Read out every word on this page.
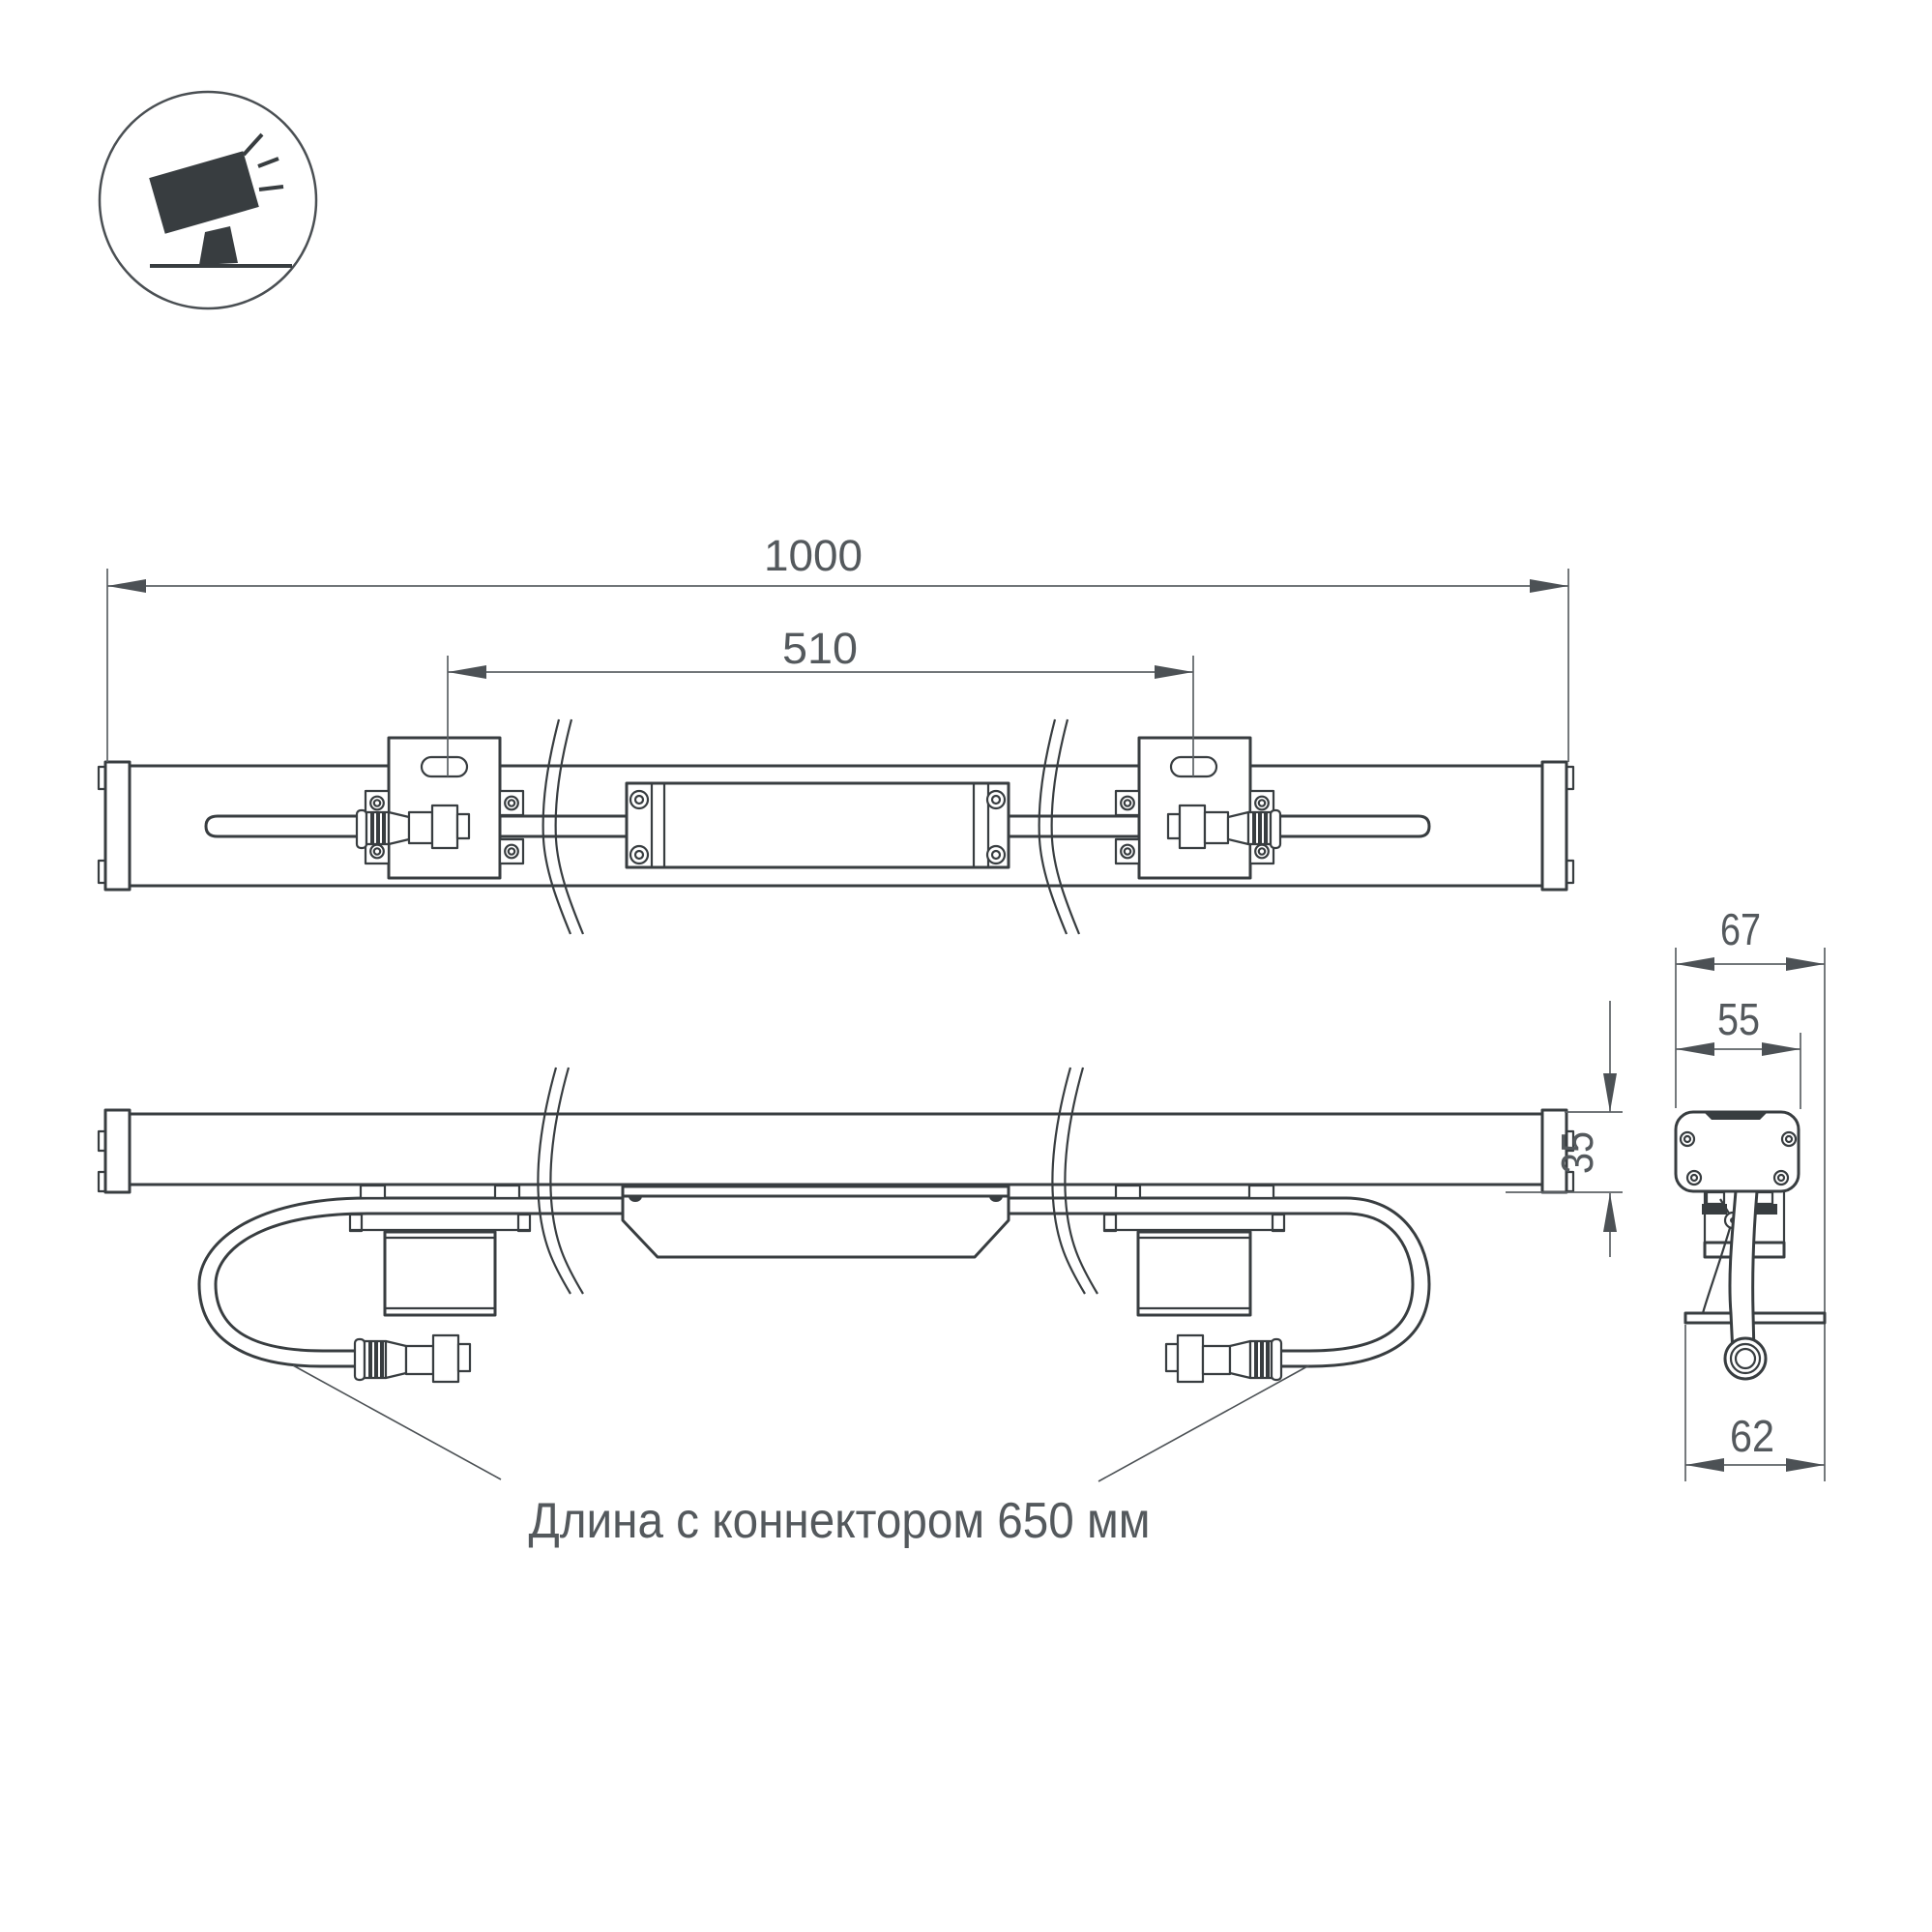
1000
510
67
55
35
62
Длина с коннектором 650 мм
